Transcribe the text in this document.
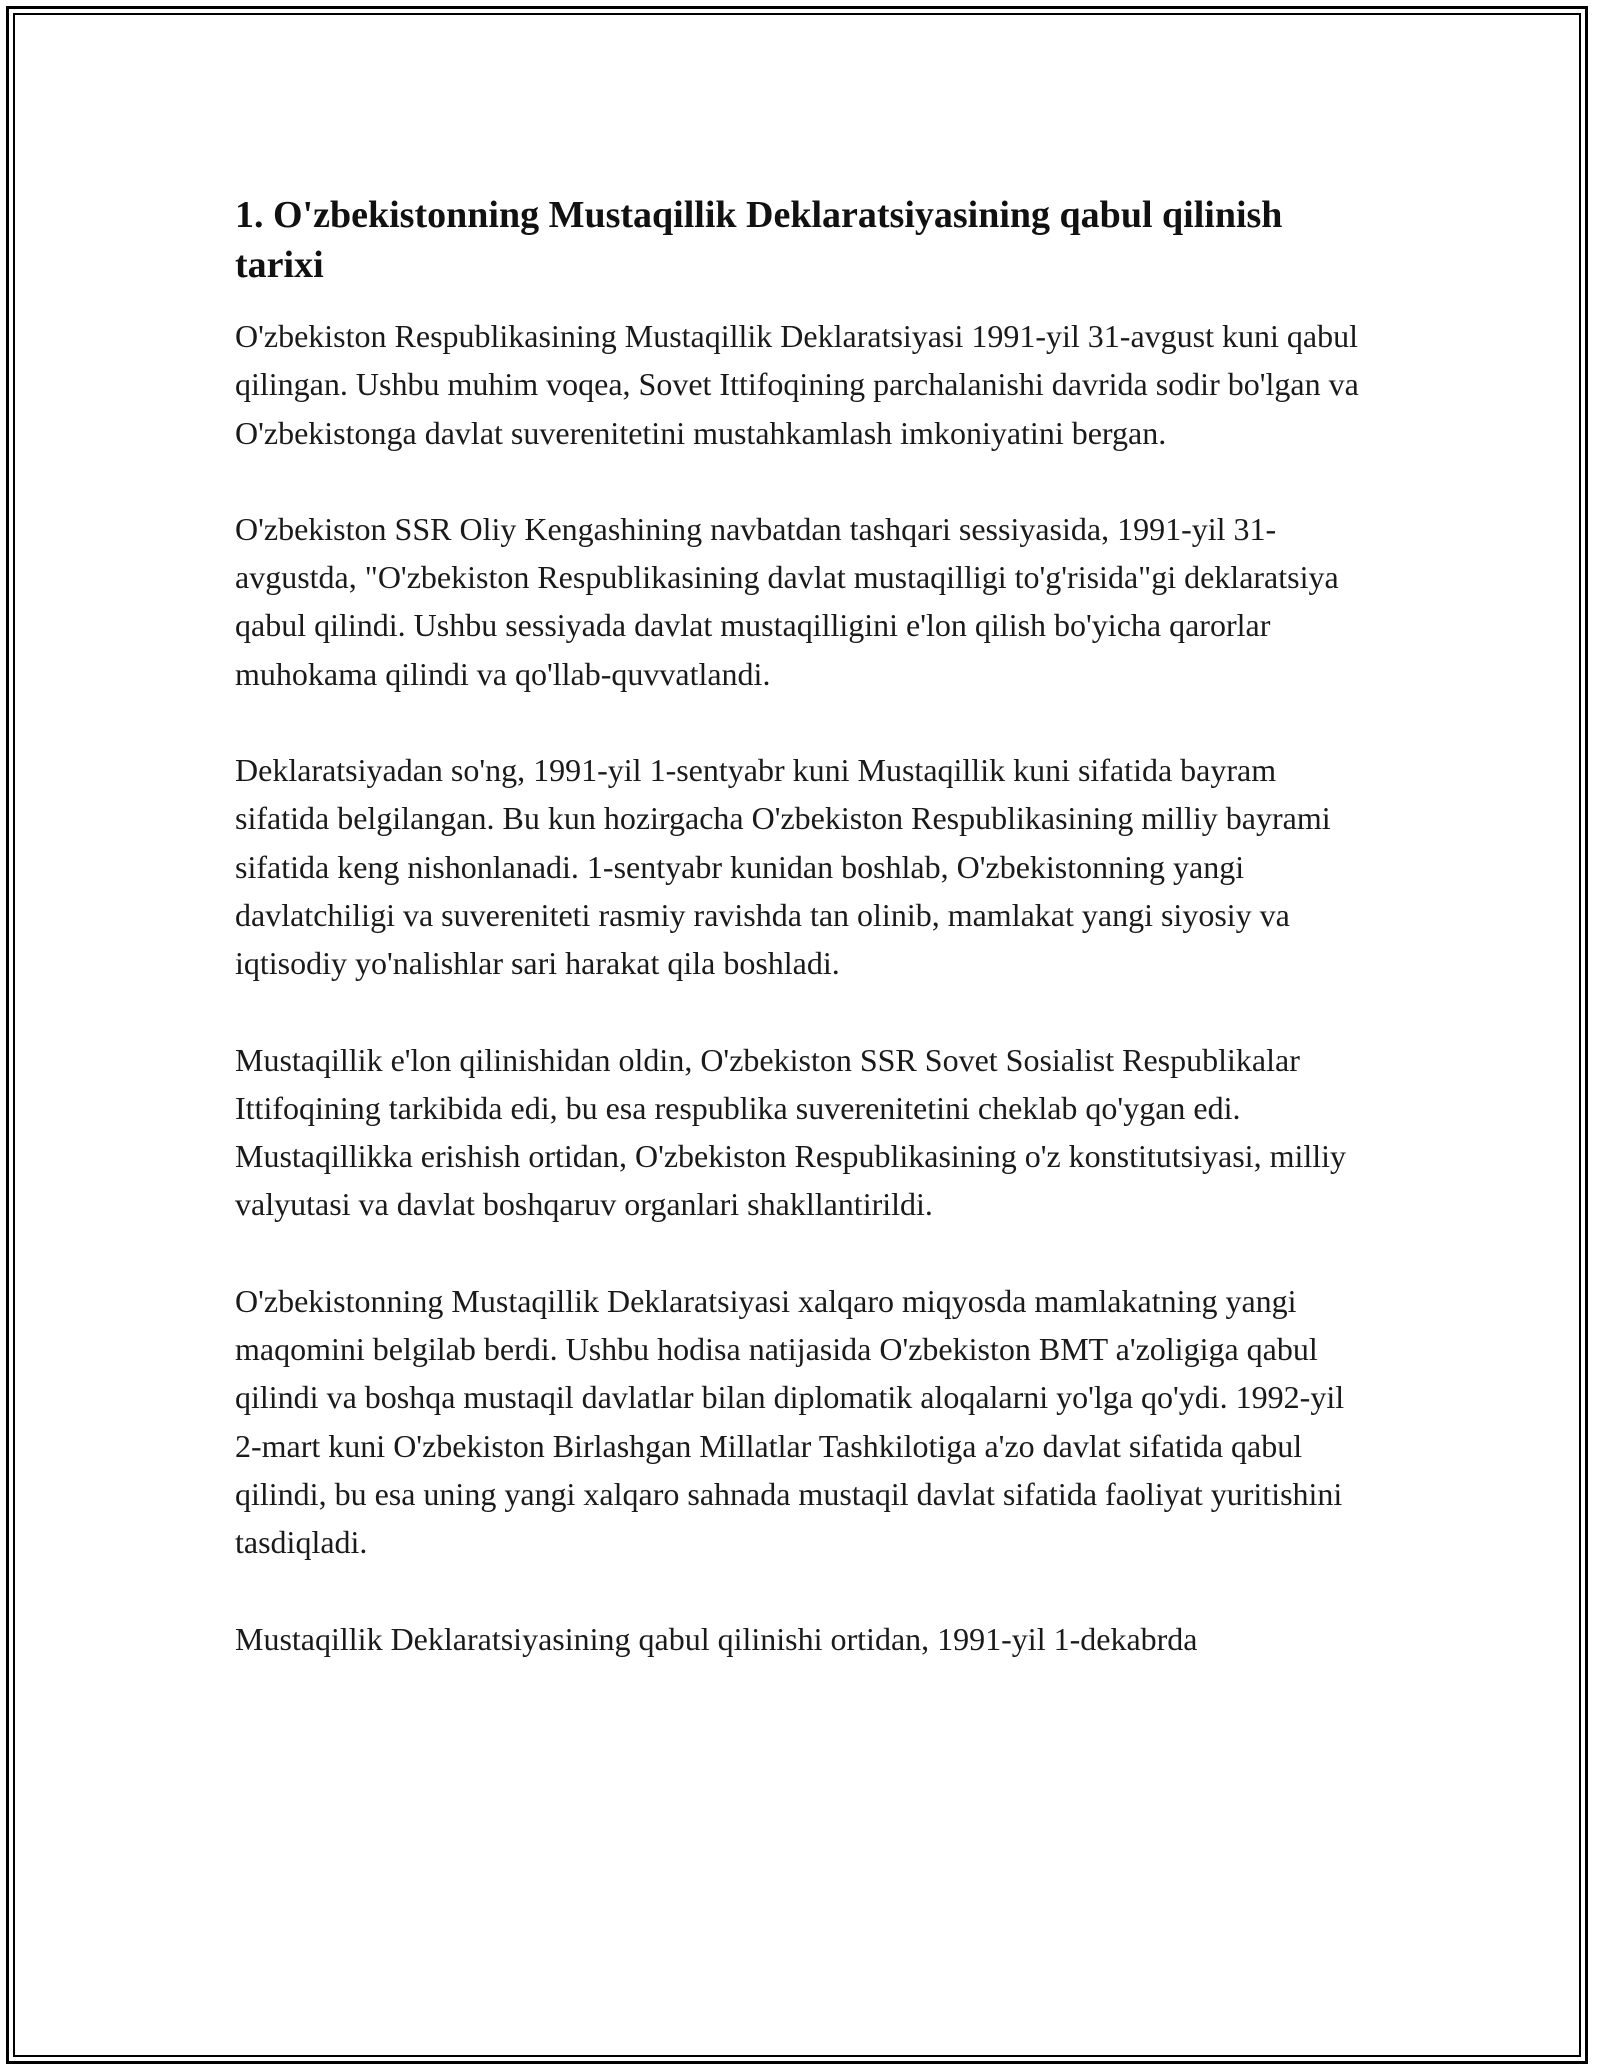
1. O'zbekistonning Mustaqillik Deklaratsiyasining qabul qilinish tarixi

O'zbekiston Respublikasining Mustaqillik Deklaratsiyasi 1991-yil 31-avgust kuni qabul qilingan. Ushbu muhim voqea, Sovet Ittifoqining parchalanishi davrida sodir bo'lgan va O'zbekistonga davlat suverenitetini mustahkamlash imkoniyatini bergan.

O'zbekiston SSR Oliy Kengashining navbatdan tashqari sessiyasida, 1991-yil 31-avgustda, "O'zbekiston Respublikasining davlat mustaqilligi to'g'risida"gi deklaratsiya qabul qilindi. Ushbu sessiyada davlat mustaqilligini e'lon qilish bo'yicha qarorlar muhokama qilindi va qo'llab-quvvatlandi.

Deklaratsiyadan so'ng, 1991-yil 1-sentyabr kuni Mustaqillik kuni sifatida bayram sifatida belgilangan. Bu kun hozirgacha O'zbekiston Respublikasining milliy bayrami sifatida keng nishonlanadi. 1-sentyabr kunidan boshlab, O'zbekistonning yangi davlatchiligi va suvereniteti rasmiy ravishda tan olinib, mamlakat yangi siyosiy va iqtisodiy yo'nalishlar sari harakat qila boshladi.

Mustaqillik e'lon qilinishidan oldin, O'zbekiston SSR Sovet Sosialist Respublikalar Ittifoqining tarkibida edi, bu esa respublika suverenitetini cheklab qo'ygan edi. Mustaqillikka erishish ortidan, O'zbekiston Respublikasining o'z konstitutsiyasi, milliy valyutasi va davlat boshqaruv organlari shakllantirildi.

O'zbekistonning Mustaqillik Deklaratsiyasi xalqaro miqyosda mamlakatning yangi maqomini belgilab berdi. Ushbu hodisa natijasida O'zbekiston BMT a'zoligiga qabul qilindi va boshqa mustaqil davlatlar bilan diplomatik aloqalarni yo'lga qo'ydi. 1992-yil 2-mart kuni O'zbekiston Birlashgan Millatlar Tashkilotiga a'zo davlat sifatida qabul qilindi, bu esa uning yangi xalqaro sahnada mustaqil davlat sifatida faoliyat yuritishini tasdiqladi.

Mustaqillik Deklaratsiyasining qabul qilinishi ortidan, 1991-yil 1-dekabrda
